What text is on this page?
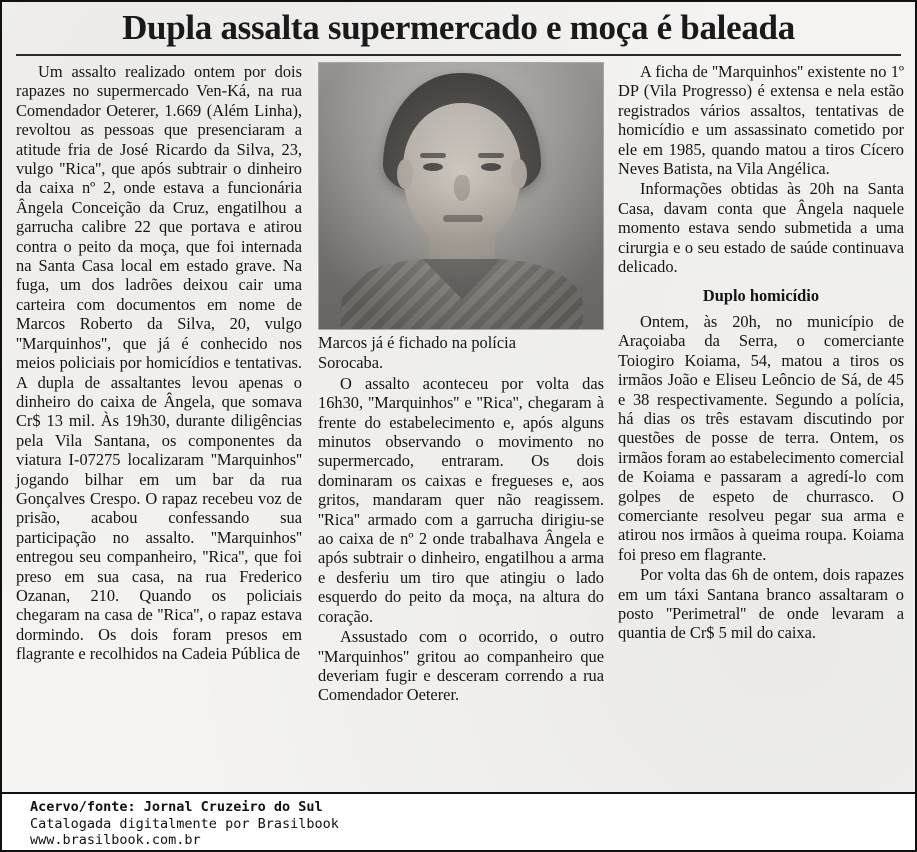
Dupla assalta supermercado e moça é baleada

Um assalto realizado ontem por dois rapazes no supermercado Ven-Ká, na rua Comendador Oeterer, 1.669 (Além Linha), revoltou as pessoas que presenciaram a atitude fria de José Ricardo da Silva, 23, vulgo ''Rica'', que após subtrair o dinheiro da caixa nº 2, onde estava a funcionária Ângela Conceição da Cruz, engatilhou a garrucha calibre 22 que portava e atirou contra o peito da moça, que foi internada na Santa Casa local em estado grave. Na fuga, um dos ladrões deixou cair uma carteira com documentos em nome de Marcos Roberto da Silva, 20, vulgo ''Marquinhos'', que já é conhecido nos meios policiais por homicídios e tentativas. A dupla de assaltantes levou apenas o dinheiro do caixa de Ângela, que somava Cr$ 13 mil. Às 19h30, durante diligências pela Vila Santana, os componentes da viatura I-07275 localizaram ''Marquinhos'' jogando bilhar em um bar da rua Gonçalves Crespo. O rapaz recebeu voz de prisão, acabou confessando sua participação no assalto. ''Marquinhos'' entregou seu companheiro, ''Rica'', que foi preso em sua casa, na rua Frederico Ozanan, 210. Quando os policiais chegaram na casa de ''Rica'', o rapaz estava dormindo. Os dois foram presos em flagrante e recolhidos na Cadeia Pública de

Marcos já é fichado na polícia

Sorocaba.

O assalto aconteceu por volta das 16h30, ''Marquinhos'' e ''Rica'', chegaram à frente do estabelecimento e, após alguns minutos observando o movimento no supermercado, entraram. Os dois dominaram os caixas e fregueses e, aos gritos, mandaram quer não reagissem. ''Rica'' armado com a garrucha dirigiu-se ao caixa de nº 2 onde trabalhava Ângela e após subtrair o dinheiro, engatilhou a arma e desferiu um tiro que atingiu o lado esquerdo do peito da moça, na altura do coração.

Assustado com o ocorrido, o outro ''Marquinhos'' gritou ao companheiro que deveriam fugir e desceram correndo a rua Comendador Oeterer.

A ficha de ''Marquinhos'' existente no 1º DP (Vila Progresso) é extensa e nela estão registrados vários assaltos, tentativas de homicídio e um assassinato cometido por ele em 1985, quando matou a tiros Cícero Neves Batista, na Vila Angélica.

Informações obtidas às 20h na Santa Casa, davam conta que Ângela naquele momento estava sendo submetida a uma cirurgia e o seu estado de saúde continuava delicado.

Duplo homicídio

Ontem, às 20h, no município de Araçoiaba da Serra, o comerciante Toiogiro Koiama, 54, matou a tiros os irmãos João e Eliseu Leôncio de Sá, de 45 e 38 respectivamente. Segundo a polícia, há dias os três estavam discutindo por questões de posse de terra. Ontem, os irmãos foram ao estabelecimento comercial de Koiama e passaram a agredí-lo com golpes de espeto de churrasco. O comerciante resolveu pegar sua arma e atirou nos irmãos à queima roupa. Koiama foi preso em flagrante.

Por volta das 6h de ontem, dois rapazes em um táxi Santana branco assaltaram o posto ''Perimetral'' de onde levaram a quantia de Cr$ 5 mil do caixa.

Acervo/fonte: Jornal Cruzeiro do Sul
Catalogada digitalmente por Brasilbook
www.brasilbook.com.br
